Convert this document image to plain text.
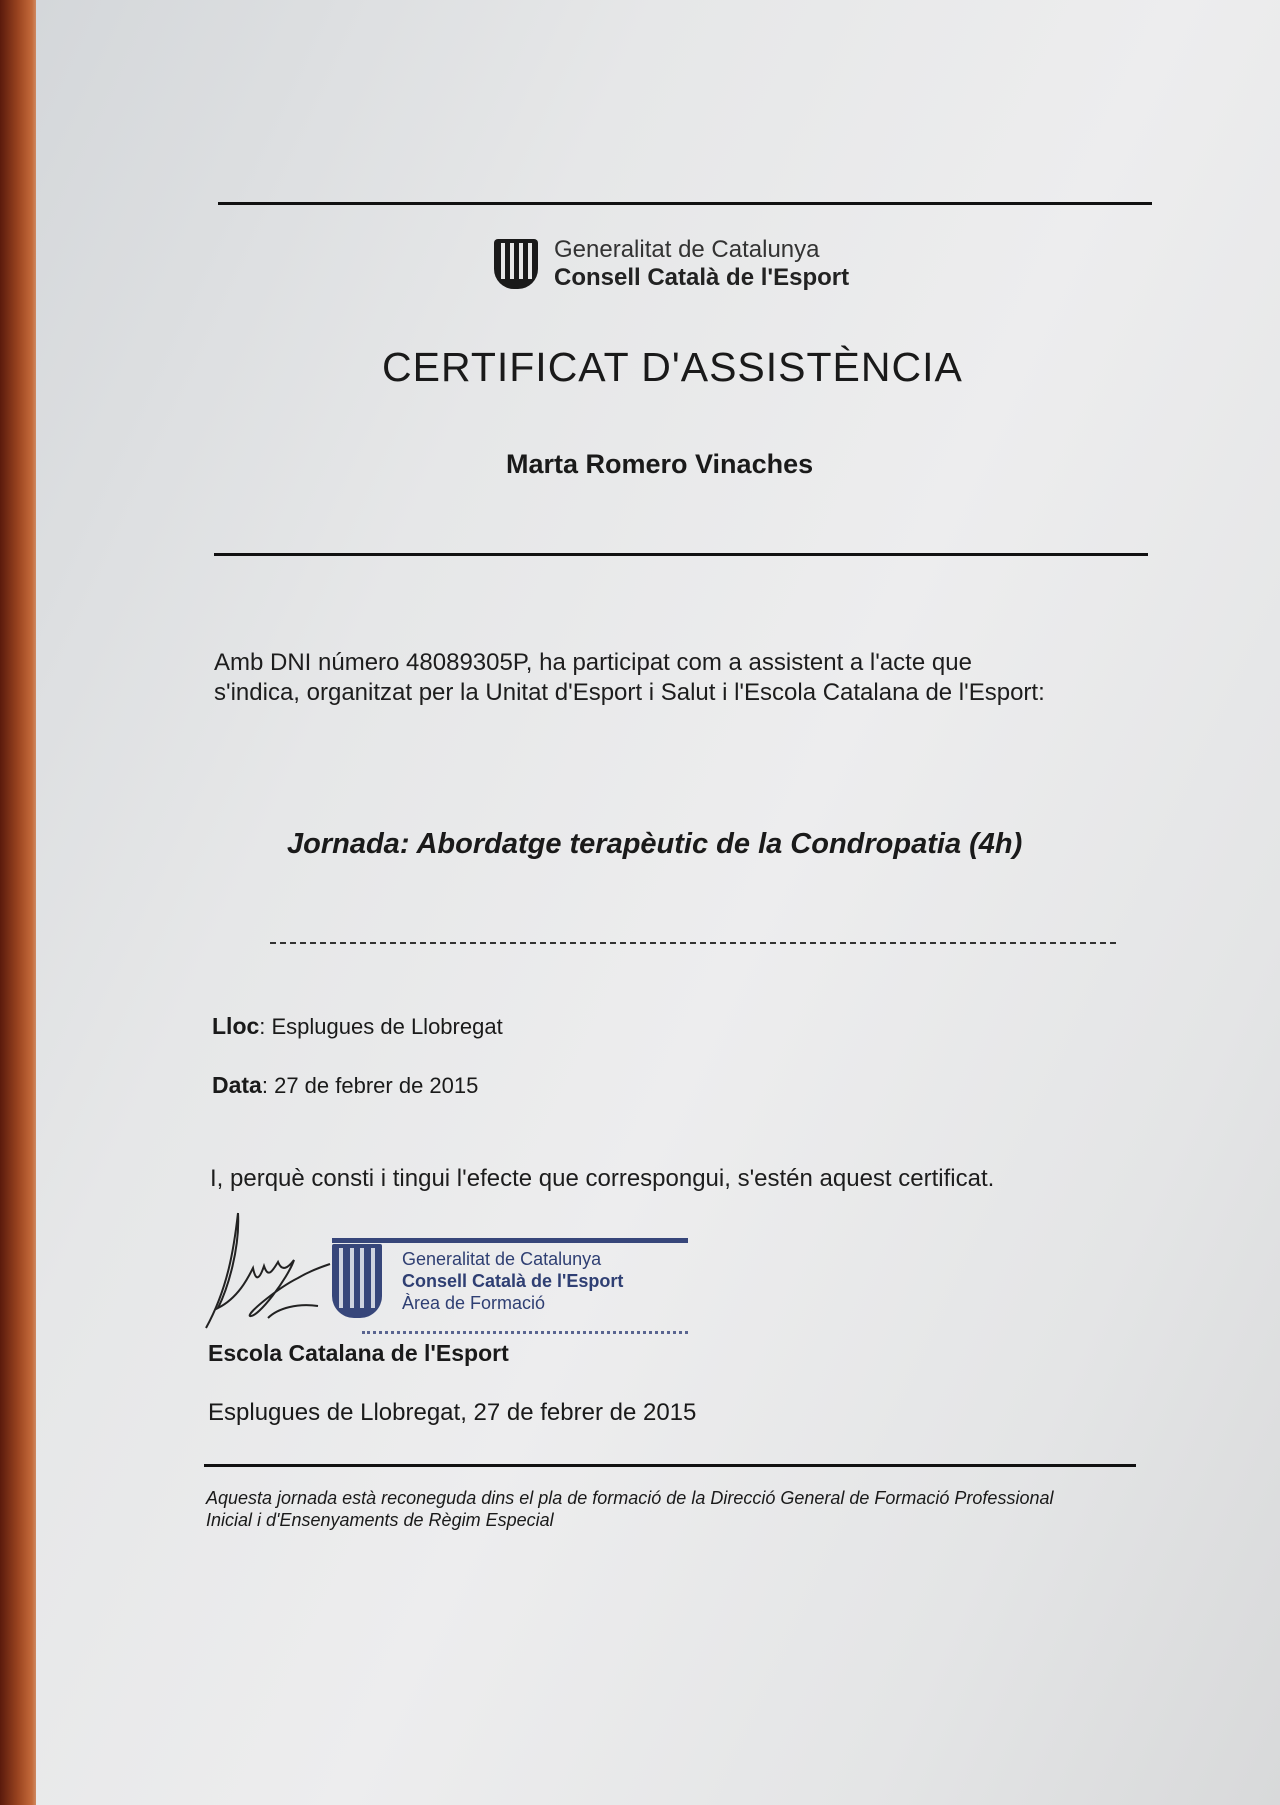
Generalitat de Catalunya
Consell Català de l'Esport
CERTIFICAT D'ASSISTÈNCIA
Marta Romero Vinaches
Amb DNI número 48089305P, ha participat com a assistent a l'acte que
s'indica, organitzat per la Unitat d'Esport i Salut i l'Escola Catalana de l'Esport:
Jornada: Abordatge terapèutic de la Condropatia (4h)
Lloc: Esplugues de Llobregat
Data: 27 de febrer de 2015
I, perquè consti i tingui l'efecte que correspongui, s'estén aquest certificat.
Generalitat de Catalunya
Consell Català de l'Esport
Àrea de Formació
Escola Catalana de l'Esport
Esplugues de Llobregat, 27 de febrer de 2015
Aquesta jornada està reconeguda dins el pla de formació de la Direcció General de Formació Professional
Inicial i d'Ensenyaments de Règim Especial
